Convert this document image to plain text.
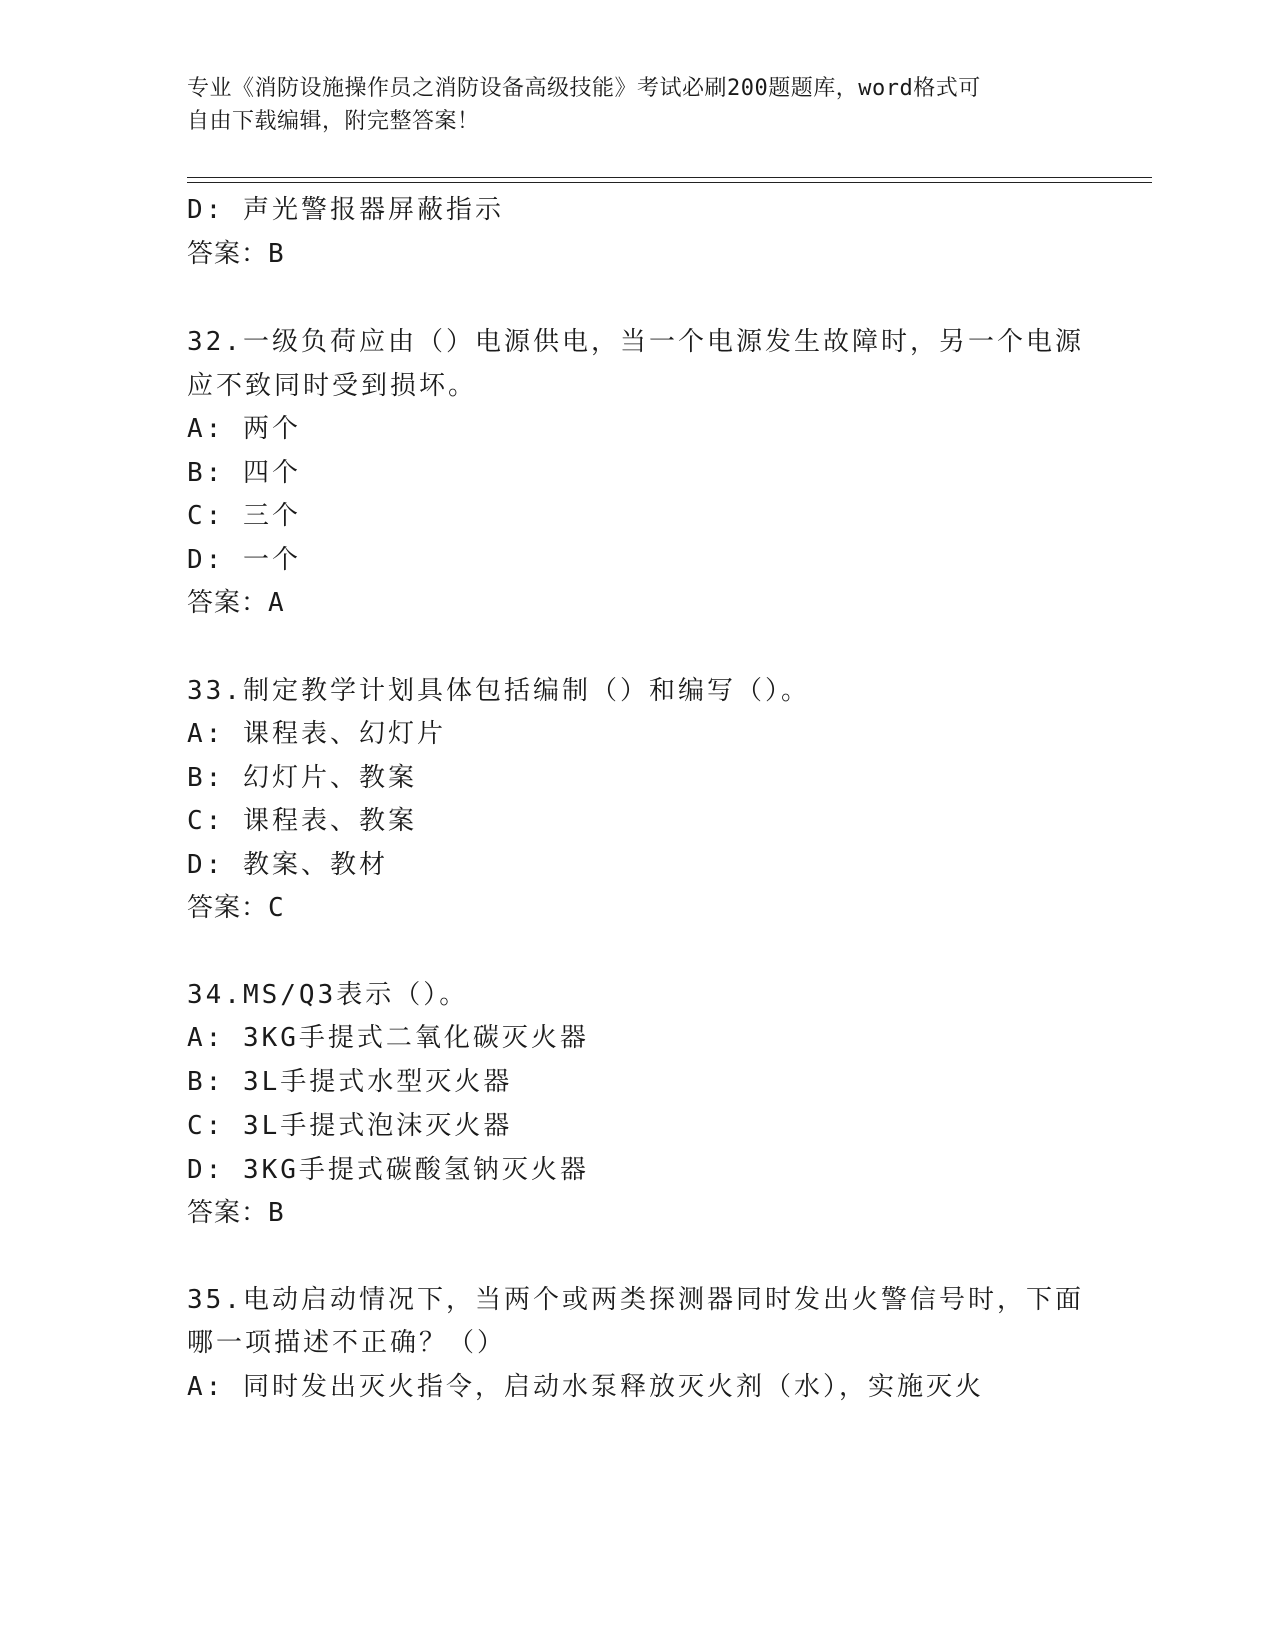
专业《消防设施操作员之消防设备高级技能》考试必刷200题题库，word格式可
自由下载编辑，附完整答案！
D: 声光警报器屏蔽指示
答案：B
32.一级负荷应由（）电源供电，当一个电源发生故障时，另一个电源
应不致同时受到损坏。
A: 两个
B: 四个
C: 三个
D: 一个
答案：A
33.制定教学计划具体包括编制（）和编写（）。
A: 课程表、幻灯片
B: 幻灯片、教案
C: 课程表、教案
D: 教案、教材
答案：C
34.MS/Q3表示（）。
A: 3KG手提式二氧化碳灭火器
B: 3L手提式水型灭火器
C: 3L手提式泡沫灭火器
D: 3KG手提式碳酸氢钠灭火器
答案：B
35.电动启动情况下，当两个或两类探测器同时发出火警信号时，下面
哪一项描述不正确？（）
A: 同时发出灭火指令，启动水泵释放灭火剂（水），实施灭火
